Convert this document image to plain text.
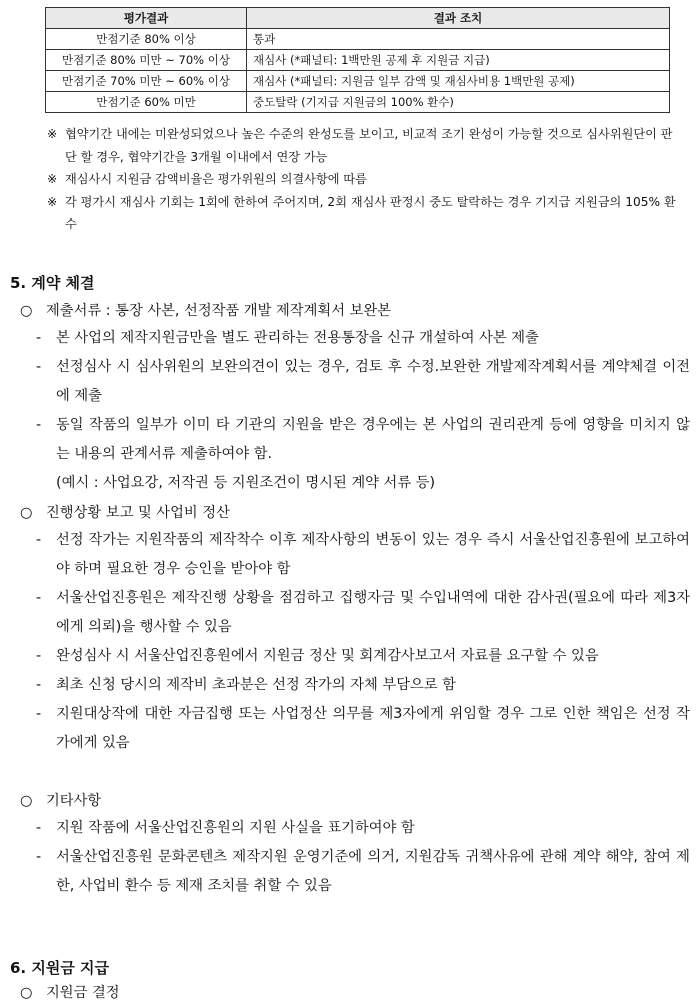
평가결과	결과 조치
만점기준 80% 이상	통과
만점기준 80% 미만 ~ 70% 이상	재심사 (*패널티: 1백만원 공제 후 지원금 지급)
만점기준 70% 미만 ~ 60% 이상	재심사 (*패널티: 지원금 일부 감액 및 재심사비용 1백만원 공제)
만점기준 60% 미만	중도탈락 (기지급 지원금의 100% 환수)
※ 협약기간 내에는 미완성되었으나 높은 수준의 완성도를 보이고, 비교적 조기 완성이 가능할 것으로 심사위원단이 판단 할 경우, 협약기간을 3개월 이내에서 연장 가능
※ 재심사시 지원금 감액비율은 평가위원의 의결사항에 따름
※ 각 평가시 재심사 기회는 1회에 한하여 주어지며, 2회 재심사 판정시 중도 탈락하는 경우 기지급 지원금의 105% 환수
5. 계약 체결
○ 제출서류 : 통장 사본, 선정작품 개발 제작계획서 보완본
-	본 사업의 제작지원금만을 별도 관리하는 전용통장을 신규 개설하여 사본 제출
-	선정심사 시 심사위원의 보완의견이 있는 경우, 검토 후 수정.보완한 개발제작계획서를 계약체결 이전에 제출
-	동일 작품의 일부가 이미 타 기관의 지원을 받은 경우에는 본 사업의 권리관계 등에 영향을 미치지 않는 내용의 관계서류 제출하여야 함.
(예시 : 사업요강, 저작권 등 지원조건이 명시된 계약 서류 등)
○ 진행상황 보고 및 사업비 정산
-	선정 작가는 지원작품의 제작착수 이후 제작사항의 변동이 있는 경우 즉시 서울산업진흥원에 보고하여야 하며 필요한 경우 승인을 받아야 함
-	서울산업진흥원은 제작진행 상황을 점검하고 집행자금 및 수입내역에 대한 감사권(필요에 따라 제3자에게 의뢰)을 행사할 수 있음
-	완성심사 시 서울산업진흥원에서 지원금 정산 및 회계감사보고서 자료를 요구할 수 있음
-	최초 신청 당시의 제작비 초과분은 선정 작가의 자체 부담으로 함
-	지원대상작에 대한 자금집행 또는 사업정산 의무를 제3자에게 위임할 경우 그로 인한 책임은 선정 작가에게 있음
○ 기타사항
-	지원 작품에 서울산업진흥원의 지원 사실을 표기하여야 함
-	서울산업진흥원 문화콘텐츠 제작지원 운영기준에 의거, 지원감독 귀책사유에 관해 계약 해약, 참여 제한, 사업비 환수 등 제재 조치를 취할 수 있음
6. 지원금 지급
○ 지원금 결정
